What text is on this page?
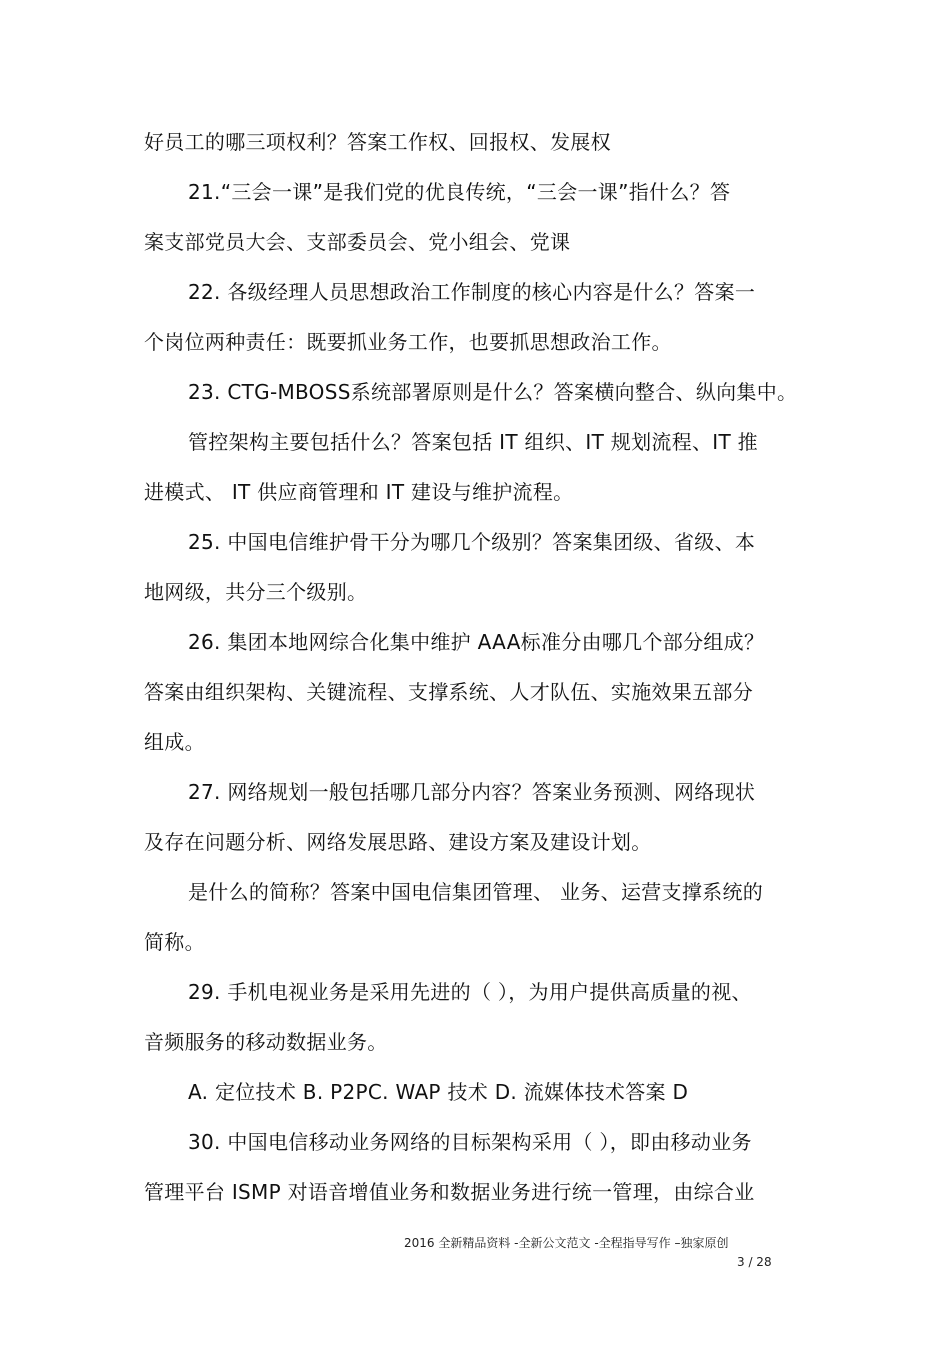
好员工的哪三项权利？答案工作权、回报权、发展权
21.“三会一课”是我们党的优良传统，“三会一课”指什么？答
案支部党员大会、支部委员会、党小组会、党课
22. 各级经理人员思想政治工作制度的核心内容是什么？答案一
个岗位两种责任：既要抓业务工作，也要抓思想政治工作。
23. CTG-MBOSS系统部署原则是什么？答案横向整合、纵向集中。
管控架构主要包括什么？答案包括 IT 组织、IT 规划流程、IT 推
进模式、 IT 供应商管理和 IT 建设与维护流程。
25. 中国电信维护骨干分为哪几个级别？答案集团级、省级、本
地网级，共分三个级别。
26. 集团本地网综合化集中维护 AAA标准分由哪几个部分组成？
答案由组织架构、关键流程、支撑系统、人才队伍、实施效果五部分
组成。
27. 网络规划一般包括哪几部分内容？答案业务预测、网络现状
及存在问题分析、网络发展思路、建设方案及建设计划。
是什么的简称？答案中国电信集团管理、 业务、运营支撑系统的
简称。
29. 手机电视业务是采用先进的（ ），为用户提供高质量的视、
音频服务的移动数据业务。
A. 定位技术 B. P2PC. WAP 技术 D. 流媒体技术答案 D
30. 中国电信移动业务网络的目标架构采用（ ），即由移动业务
管理平台 ISMP 对语音增值业务和数据业务进行统一管理，由综合业
2016 全新精品资料 -全新公文范文 -全程指导写作 –独家原创
3 / 28
